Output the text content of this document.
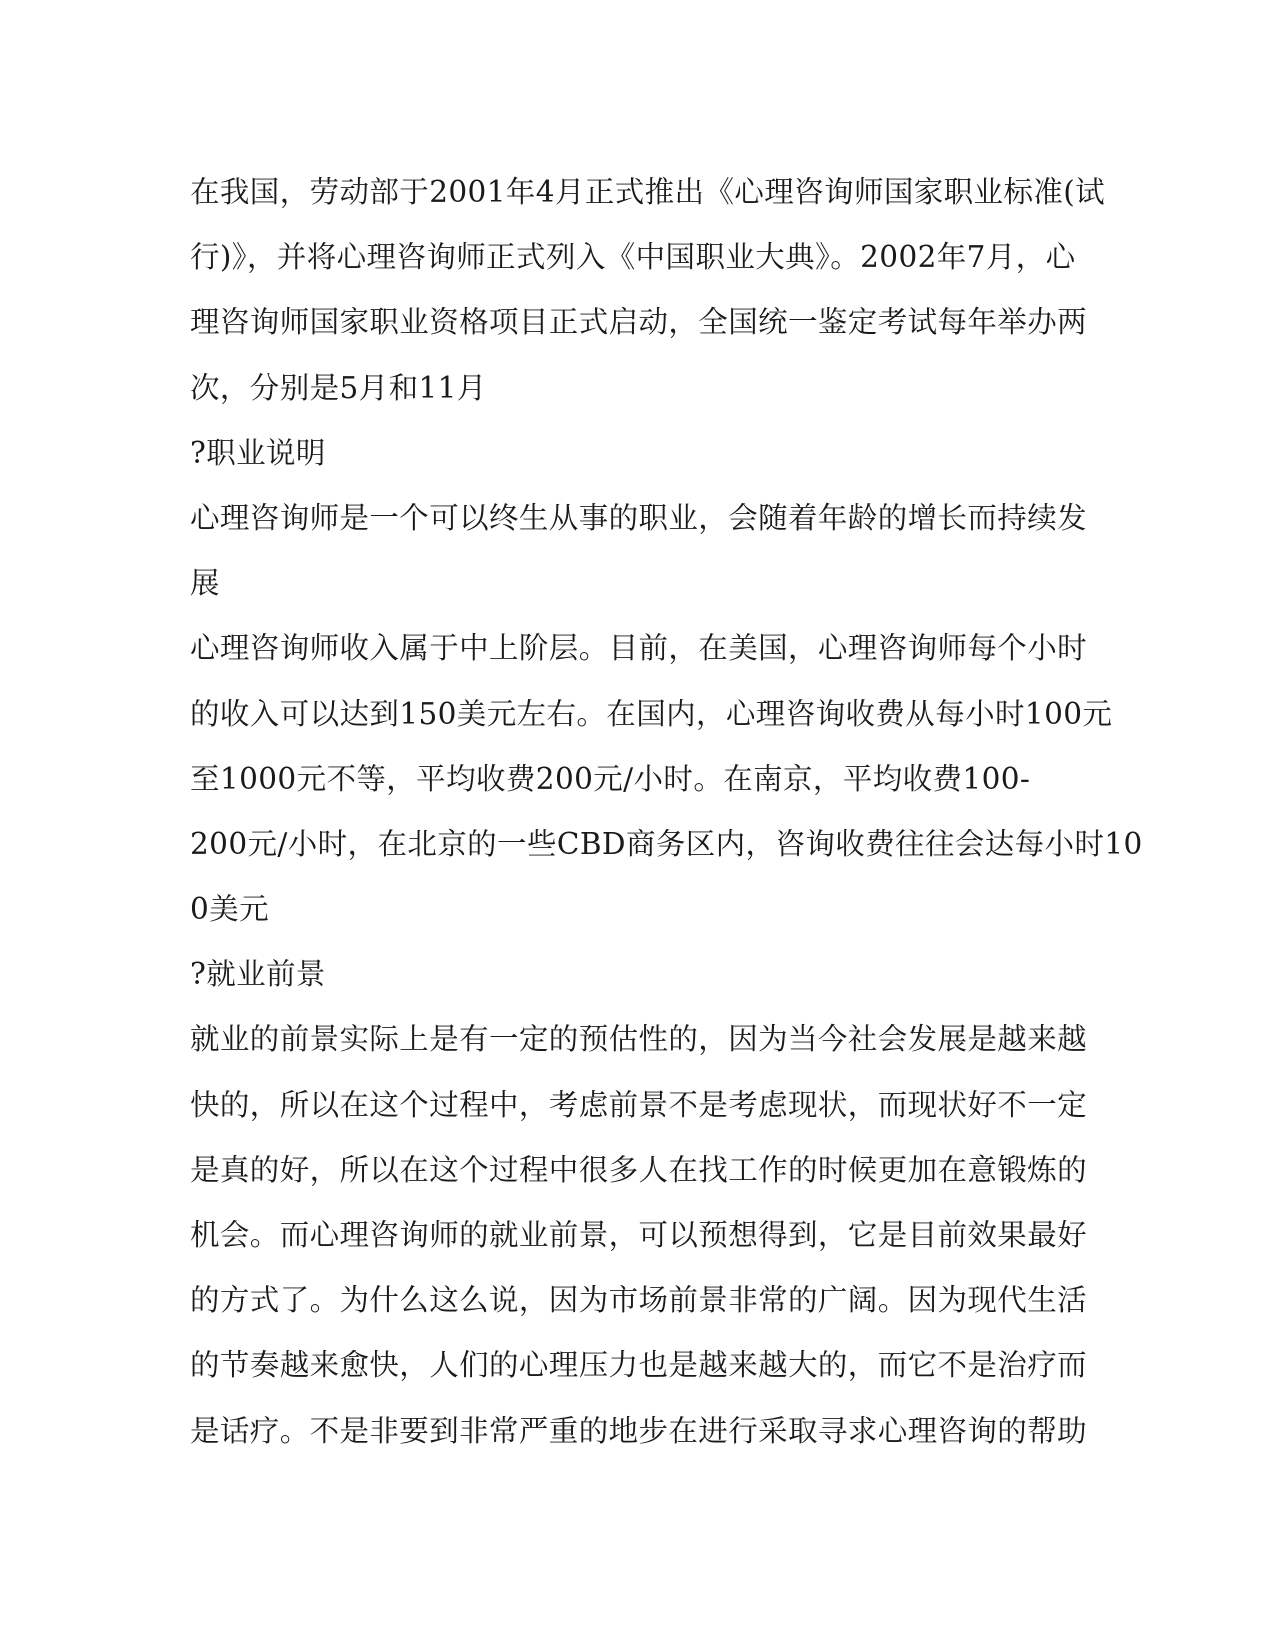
在我国，劳动部于2001年4月正式推出《心理咨询师国家职业标准(试
行)》，并将心理咨询师正式列入《中国职业大典》。2002年7月，心
理咨询师国家职业资格项目正式启动，全国统一鉴定考试每年举办两
次，分别是5月和11月
?职业说明
心理咨询师是一个可以终生从事的职业，会随着年龄的增长而持续发
展
心理咨询师收入属于中上阶层。目前，在美国，心理咨询师每个小时
的收入可以达到150美元左右。在国内，心理咨询收费从每小时100元
至1000元不等，平均收费200元/小时。在南京，平均收费100-
200元/小时，在北京的一些CBD商务区内，咨询收费往往会达每小时10
0美元
?就业前景
就业的前景实际上是有一定的预估性的，因为当今社会发展是越来越
快的，所以在这个过程中，考虑前景不是考虑现状，而现状好不一定
是真的好，所以在这个过程中很多人在找工作的时候更加在意锻炼的
机会。而心理咨询师的就业前景，可以预想得到，它是目前效果最好
的方式了。为什么这么说，因为市场前景非常的广阔。因为现代生活
的节奏越来愈快，人们的心理压力也是越来越大的，而它不是治疗而
是话疗。不是非要到非常严重的地步在进行采取寻求心理咨询的帮助
